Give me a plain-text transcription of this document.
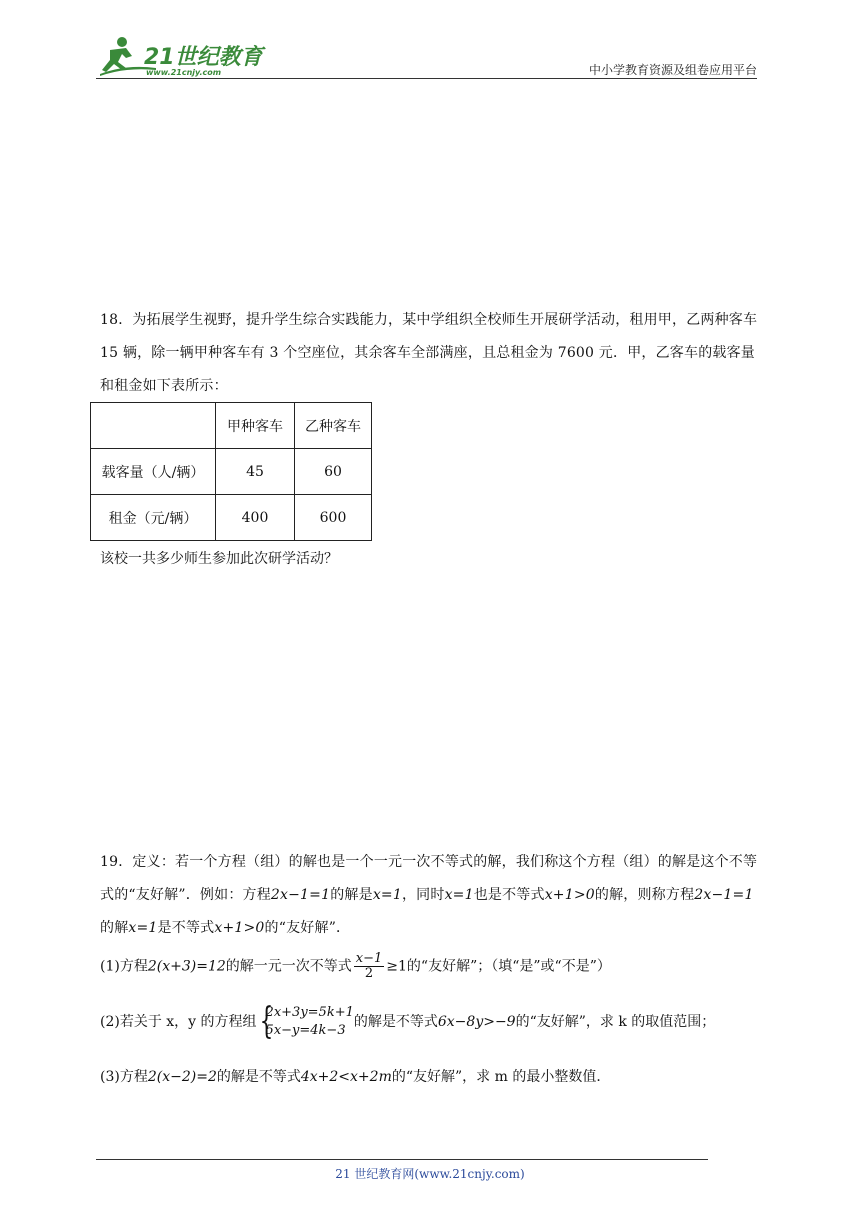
21世纪教育
www.21cnjy.com	中小学教育资源及组卷应用平台
18．为拓展学生视野，提升学生综合实践能力，某中学组织全校师生开展研学活动，租用甲，乙两种客车 15 辆，除一辆甲种客车有 3 个空座位，其余客车全部满座，且总租金为 7600 元．甲，乙客车的载客量和租金如下表所示：
	甲种客车	乙种客车
载客量（人/辆）	45	60
租金（元/辆）	400	600
该校一共多少师生参加此次研学活动？
19．定义：若一个方程（组）的解也是一个一元一次不等式的解，我们称这个方程（组）的解是这个不等式的“友好解”．例如：方程2x−1=1的解是x=1，同时x=1也是不等式x+1>0的解，则称方程2x−1=1的解x=1是不等式x+1>0的“友好解”．
(1)方程2(x+3)=12的解一元一次不等式 $\frac{x-1}{2} \ge 1$的“友好解”；（填“是”或“不是”）
(2)若关于 x，y 的方程组 {
2x+3y=5k+1
5x−y=4k−3
的解是不等式6x−8y>−9的“友好解”，求 k 的取值范围；
(3)方程2(x−2)=2的解是不等式4x+2<x+2m的“友好解”，求 m 的最小整数值．
21 世纪教育网(www.21cnjy.com)
